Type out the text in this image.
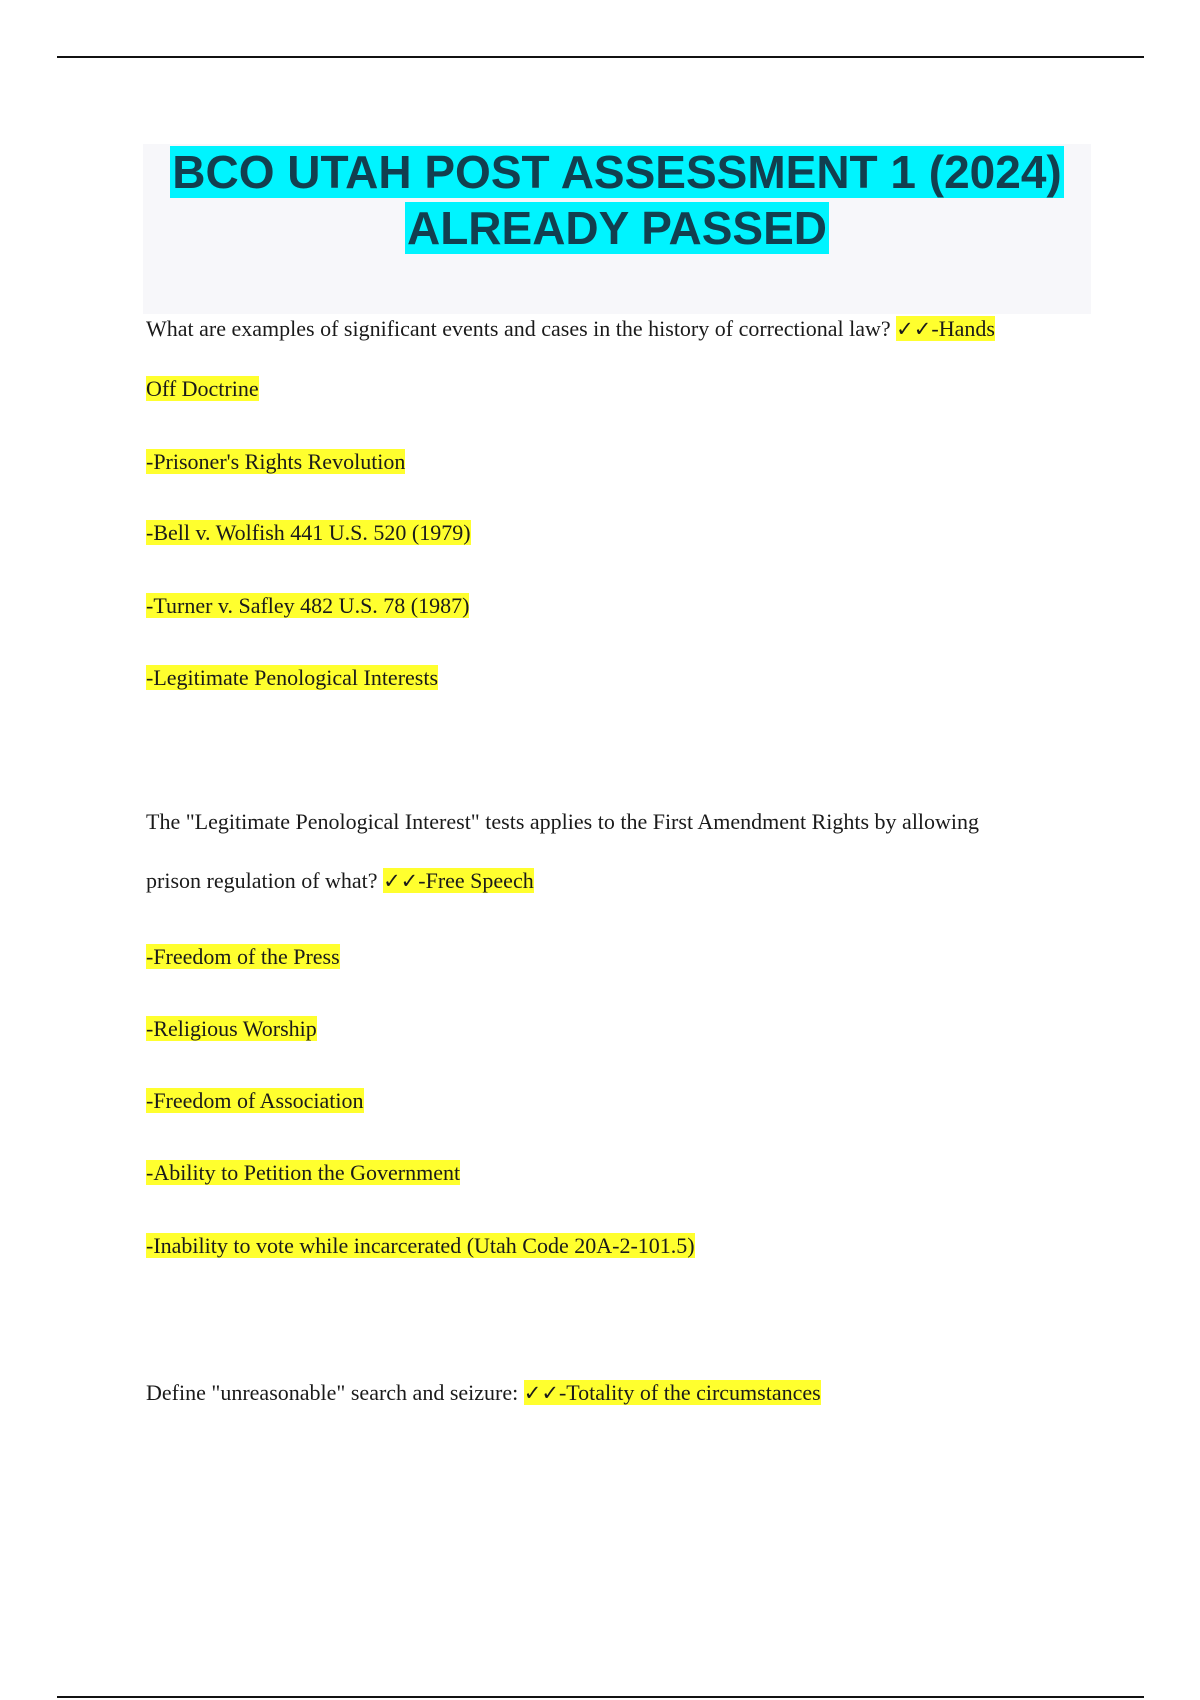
BCO UTAH POST ASSESSMENT 1 (2024)
ALREADY PASSED
What are examples of significant events and cases in the history of correctional law? ✓✓-Hands
Off Doctrine
-Prisoner's Rights Revolution
-Bell v. Wolfish 441 U.S. 520 (1979)
-Turner v. Safley 482 U.S. 78 (1987)
-Legitimate Penological Interests
The "Legitimate Penological Interest" tests applies to the First Amendment Rights by allowing
prison regulation of what? ✓✓-Free Speech
-Freedom of the Press
-Religious Worship
-Freedom of Association
-Ability to Petition the Government
-Inability to vote while incarcerated (Utah Code 20A-2-101.5)
Define "unreasonable" search and seizure: ✓✓-Totality of the circumstances
